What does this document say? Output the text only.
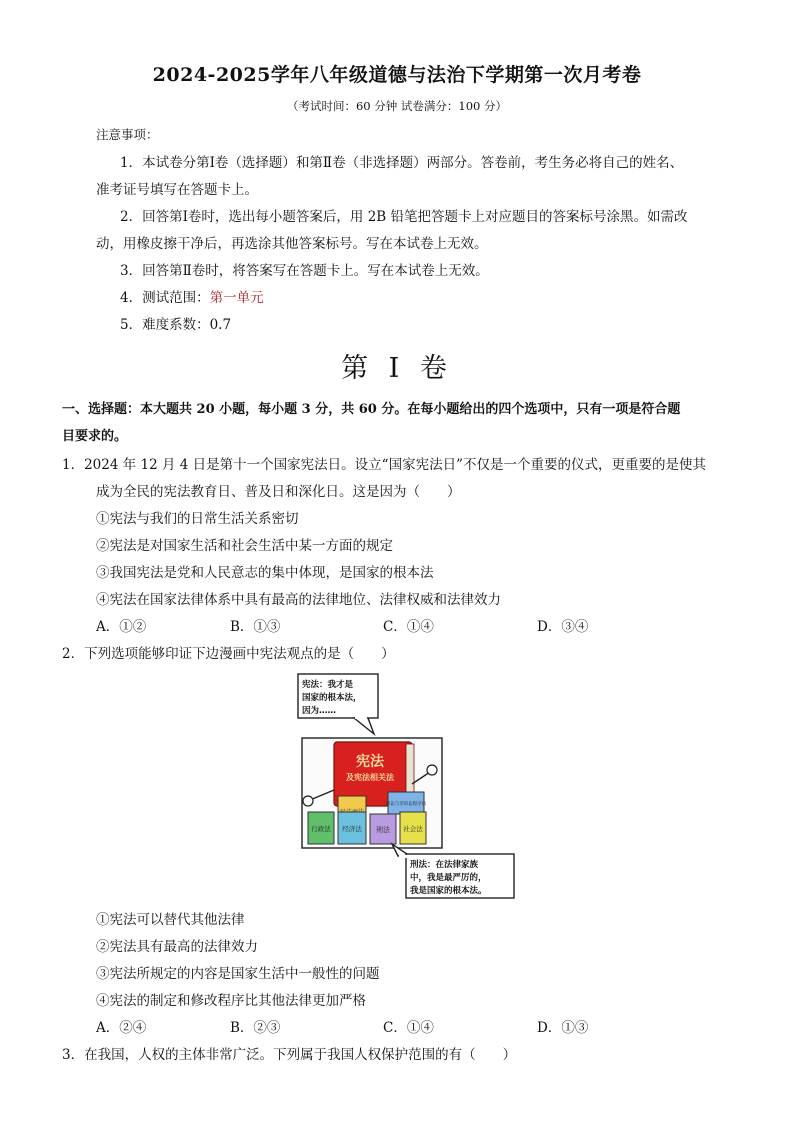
2024-2025学年八年级道德与法治下学期第一次月考卷
（考试时间：60 分钟 试卷满分：100 分）
注意事项：
1．本试卷分第Ⅰ卷（选择题）和第Ⅱ卷（非选择题）两部分。答卷前，考生务必将自己的姓名、
准考证号填写在答题卡上。
2．回答第Ⅰ卷时，选出每小题答案后，用 2B 铅笔把答题卡上对应题目的答案标号涂黑。如需改
动，用橡皮擦干净后，再选涂其他答案标号。写在本试卷上无效。
3．回答第Ⅱ卷时，将答案写在答题卡上。写在本试卷上无效。
4．测试范围：第一单元
5．难度系数：0.7
第 I 卷
一、选择题：本大题共 20 小题，每小题 3 分，共 60 分。在每小题给出的四个选项中，只有一项是符合题
目要求的。
1．2024 年 12 月 4 日是第十一个国家宪法日。设立“国家宪法日”不仅是一个重要的仪式，更重要的是使其
成为全民的宪法教育日、普及日和深化日。这是因为（　　）
①宪法与我们的日常生活关系密切
②宪法是对国家生活和社会生活中某一方面的规定
③我国宪法是党和人民意志的集中体现，是国家的根本法
④宪法在国家法律体系中具有最高的法律地位、法律权威和法律效力
A．①②	B．①③	C．①④	D．③④
2．下列选项能够印证下边漫画中宪法观点的是（　　）
宪法：我才是
国家的根本法，
因为……
宪法
及宪法相关法
诉讼与非诉讼程序法
行政法 经济法 刑法 社会法
刑法：在法律家族
中，我是最严厉的，
我是国家的根本法。
①宪法可以替代其他法律
②宪法具有最高的法律效力
③宪法所规定的内容是国家生活中一般性的问题
④宪法的制定和修改程序比其他法律更加严格
A．②④	B．②③	C．①④	D．①③
3．在我国，人权的主体非常广泛。下列属于我国人权保护范围的有（　　）
